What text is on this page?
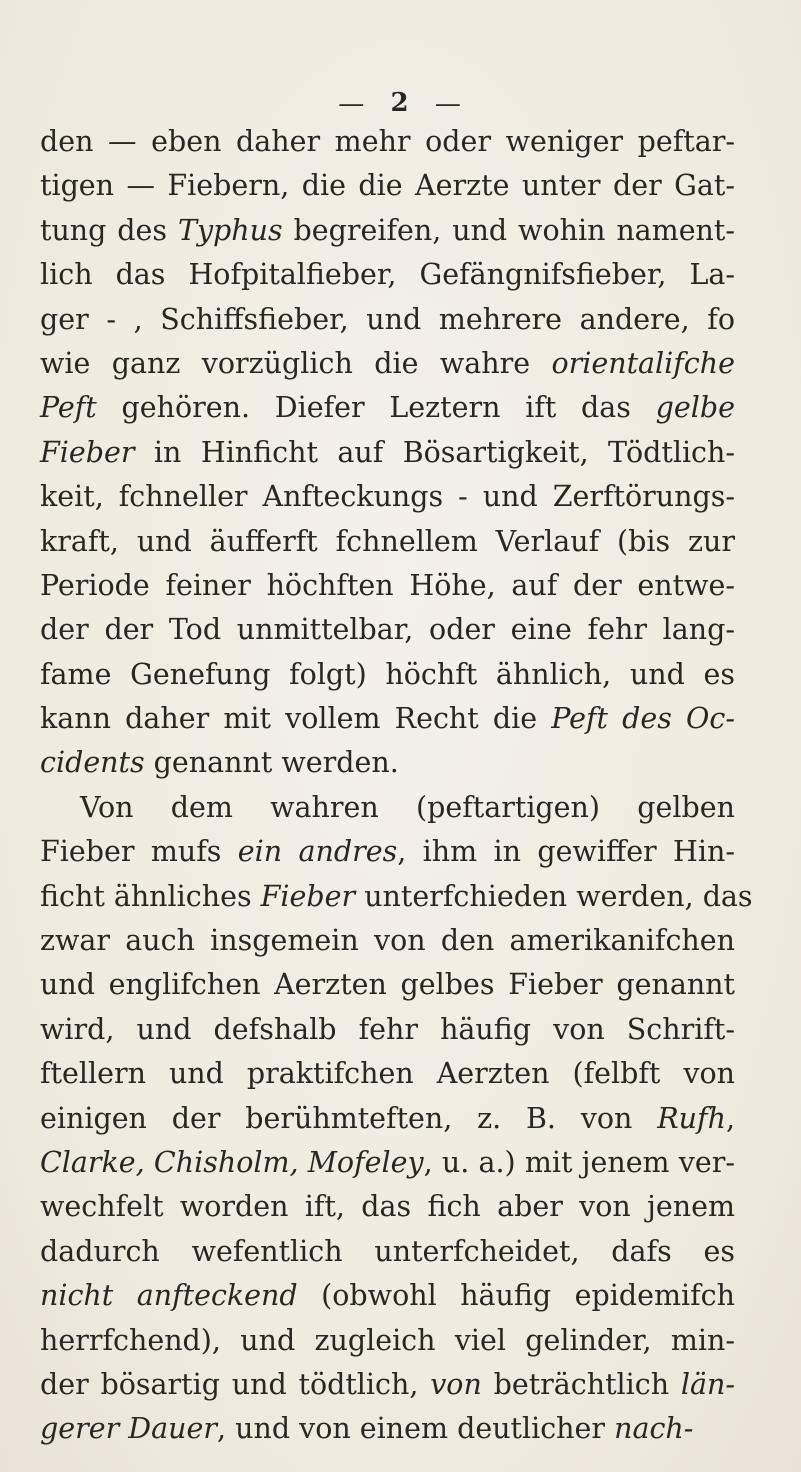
— 2 —
den — eben daher mehr oder weniger peftar-
tigen — Fiebern, die die Aerzte unter der Gat-
tung des Typhus begreifen, und wohin nament-
lich das Hofpitalfieber, Gefängnifsfieber, La-
ger - , Schiffsfieber, und mehrere andere, fo
wie ganz vorzüglich die wahre orientalifche
Peft gehören. Diefer Leztern ift das gelbe
Fieber in Hinficht auf Bösartigkeit, Tödtlich-
keit, fchneller Anfteckungs - und Zerftörungs-
kraft, und äufferft fchnellem Verlauf (bis zur
Periode feiner höchften Höhe, auf der entwe-
der der Tod unmittelbar, oder eine fehr lang-
fame Genefung folgt) höchft ähnlich, und es
kann daher mit vollem Recht die Peft des Oc-
cidents genannt werden.
Von dem wahren (peftartigen) gelben
Fieber mufs ein andres, ihm in gewiffer Hin-
ficht ähnliches Fieber unterfchieden werden, das
zwar auch insgemein von den amerikanifchen
und englifchen Aerzten gelbes Fieber genannt
wird, und defshalb fehr häufig von Schrift-
ftellern und praktifchen Aerzten (felbft von
einigen der berühmteften, z. B. von Rufh,
Clarke, Chisholm, Mofeley, u. a.) mit jenem ver-
wechfelt worden ift, das fich aber von jenem
dadurch wefentlich unterfcheidet, dafs es
nicht anfteckend (obwohl häufig epidemifch
herrfchend), und zugleich viel gelinder, min-
der bösartig und tödtlich, von beträchtlich län-
gerer Dauer, und von einem deutlicher nach-
